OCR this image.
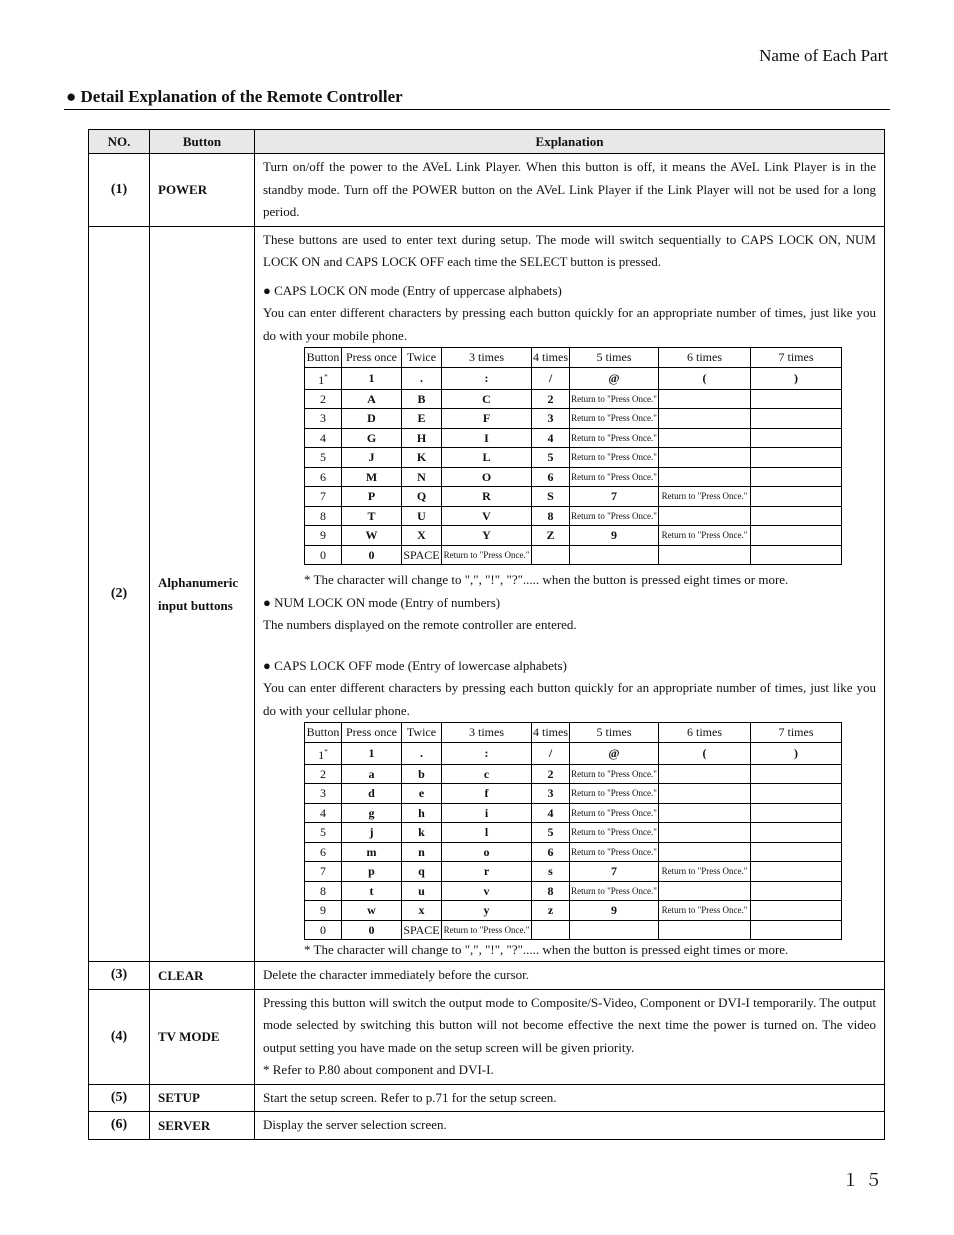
Name of Each Part
● Detail Explanation of the Remote Controller
NO.	Button	Explanation
(1)	POWER	

Turn on/off the power to the AVeL Link Player. When this button is off, it means the AVeL Link Player is in the standby mode. Turn off the POWER button on the AVeL Link Player if the Link Player will not be used for a long period.

(2)	Alphanumeric input buttons	

These buttons are used to enter text during setup. The mode will switch sequentially to CAPS LOCK ON, NUM LOCK ON and CAPS LOCK OFF each time the SELECT button is pressed.

● CAPS LOCK ON mode (Entry of uppercase alphabets)

You can enter different characters by pressing each button quickly for an appropriate number of times, just like you do with your mobile phone.

Button	Press once	Twice	3 times	4 times	5 times	6 times	7 times
1*	1	.	:	/	@	(	)
2	A	B	C	2	Return to "Press Once."		
3	D	E	F	3	Return to "Press Once."		
4	G	H	I	4	Return to "Press Once."		
5	J	K	L	5	Return to "Press Once."		
6	M	N	O	6	Return to "Press Once."		
7	P	Q	R	S	7	Return to "Press Once."	
8	T	U	V	8	Return to "Press Once."		
9	W	X	Y	Z	9	Return to "Press Once."	
0	0	SPACE	Return to "Press Once."				

* The character will change to ",", "!", "?"..... when the button is pressed eight times or more.

● NUM LOCK ON mode (Entry of numbers)

The numbers displayed on the remote controller are entered.

● CAPS LOCK OFF mode (Entry of lowercase alphabets)

You can enter different characters by pressing each button quickly for an appropriate number of times, just like you do with your cellular phone.

Button	Press once	Twice	3 times	4 times	5 times	6 times	7 times
1*	1	.	:	/	@	(	)
2	a	b	c	2	Return to "Press Once."		
3	d	e	f	3	Return to "Press Once."		
4	g	h	i	4	Return to "Press Once."		
5	j	k	l	5	Return to "Press Once."		
6	m	n	o	6	Return to "Press Once."		
7	p	q	r	s	7	Return to "Press Once."	
8	t	u	v	8	Return to "Press Once."		
9	w	x	y	z	9	Return to "Press Once."	
0	0	SPACE	Return to "Press Once."				

* The character will change to ",", "!", "?"..... when the button is pressed eight times or more.

(3)	CLEAR	Delete the character immediately before the cursor.

(4)	TV MODE	

Pressing this button will switch the output mode to Composite/S-Video, Component or DVI-I temporarily. The output mode selected by switching this button will not become effective the next time the power is turned on. The video output setting you have made on the setup screen will be given priority.

* Refer to P.80 about component and DVI-I.

(5)	SETUP	Start the setup screen. Refer to p.71 for the setup screen.

(6)	SERVER	Display the server selection screen.

１５
